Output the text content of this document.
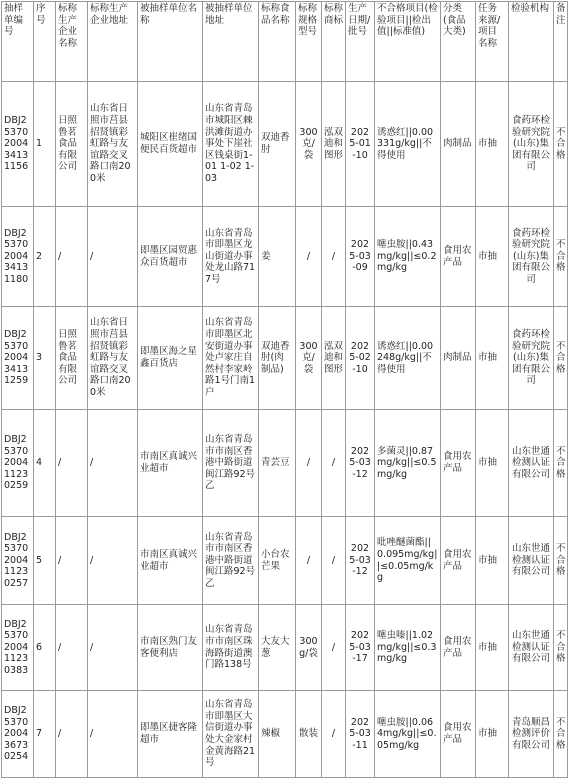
抽样单编号	序号	标称生产企业名称	标称生产企业地址	被抽样单位名称	被抽样单位地址	标称食品名称	标称规格型号	标称商标	生产日期/批号	不合格项目(检验项目||检出值||标准值)	分类(食品大类)	任务来源/项目名称	检验机构	备注
DBJ25370200434131156	1	日照鲁茗食品有限公司	山东省日照市莒县招贤镇彩虹路与友谊路交叉路口南200米	城阳区崔绪国便民百货超市	山东省青岛市城阳区棘洪滩街道办事处下崖社区钱桌街1-01 1-02 1-03	双迪香肘	300克/袋	泓双迪和图形	2025-01-10	诱惑红||0.00331g/kg||不得使用	肉制品	市抽	食药环检验研究院(山东)集团有限公司	不合格
DBJ25370200434131180	2	/	/	即墨区园贸惠众百货超市	山东省青岛市即墨区龙山街道办事处龙山路717号	姜	/	/	2025-03-09	噻虫胺||0.43mg/kg||≤0.2mg/kg	食用农产品	市抽	食药环检验研究院(山东)集团有限公司	不合格
DBJ25370200434131259	3	日照鲁茗食品有限公司	山东省日照市莒县招贤镇彩虹路与友谊路交叉路口南200米	即墨区海之星鑫百货店	山东省青岛市即墨区北安街道办事处卢家庄自然村李家岭路1号门南1户	双迪香肘(肉制品)	300克/袋	泓双迪和图形	2025-02-10	诱惑红||0.00248g/kg||不得使用	肉制品	市抽	食药环检验研究院(山东)集团有限公司	不合格
DBJ25370200411230259	4	/	/	市南区真诚兴业超市	山东省青岛市市南区香港中路街道闽江路92号乙	青芸豆	/	/	2025-03-12	多菌灵||0.87mg/kg||≤0.5mg/kg	食用农产品	市抽	山东世通检测认证有限公司	不合格
DBJ25370200411230257	5	/	/	市南区真诚兴业超市	山东省青岛市市南区香港中路街道闽江路92号乙	小台农芒果	/	/	2025-03-12	吡唑醚菌酯||0.095mg/kg||≤0.05mg/kg	食用农产品	市抽	山东世通检测认证有限公司	不合格
DBJ25370200411230383	6	/	/	市南区熟门友客便利店	山东省青岛市市南区珠海路街道澳门路138号	大友大葱	300g/袋	/	2025-03-17	噻虫嗪||1.02mg/kg||≤0.3mg/kg	食用农产品	市抽	山东世通检测认证有限公司	不合格
DBJ25370200436730254	7	/	/	即墨区捷客隆超市	山东省青岛市即墨区大信街道办事处大金家村金黄海路21号	辣椒	散装	/	2025-03-11	噻虫胺||0.064mg/kg||≤0.05mg/kg	食用农产品	市抽	青岛顺昌检测评价有限公司	不合格
